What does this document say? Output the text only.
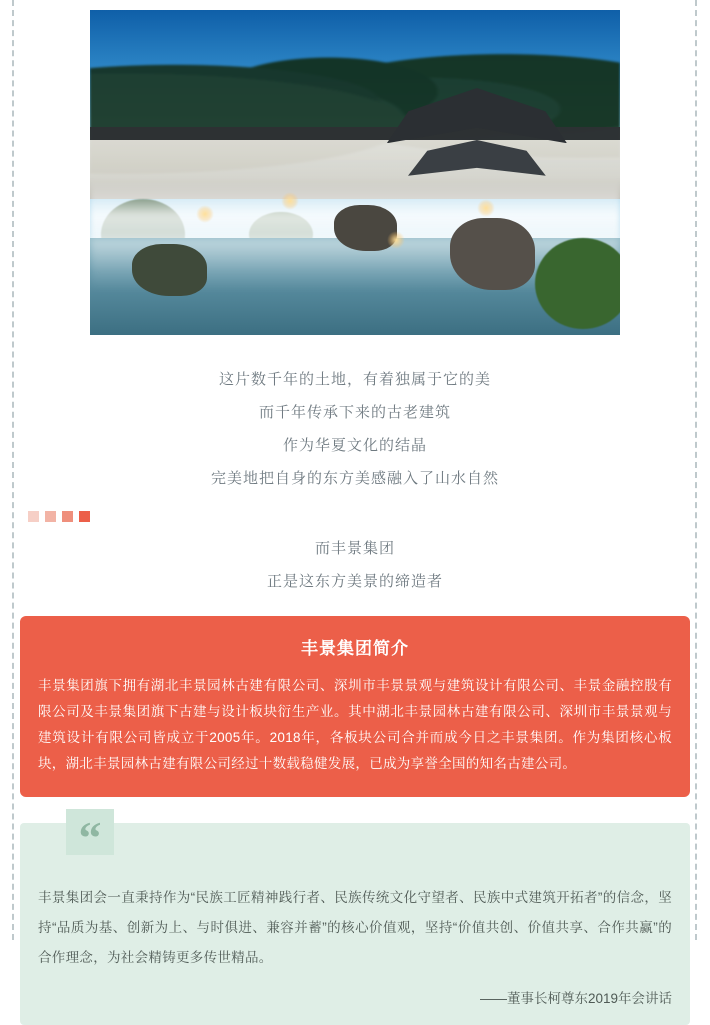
这片数千年的土地，有着独属于它的美
而千年传承下来的古老建筑
作为华夏文化的结晶
完美地把自身的东方美感融入了山水自然
而丰景集团
正是这东方美景的缔造者
丰景集团简介
丰景集团旗下拥有湖北丰景园林古建有限公司、深圳市丰景景观与建筑设计有限公司、丰景金融控股有限公司及丰景集团旗下古建与设计板块衍生产业。其中湖北丰景园林古建有限公司、深圳市丰景景观与建筑设计有限公司皆成立于2005年。2018年，各板块公司合并而成今日之丰景集团。作为集团核心板块，湖北丰景园林古建有限公司经过十数载稳健发展，已成为享誉全国的知名古建公司。
“
丰景集团会一直秉持作为“民族工匠精神践行者、民族传统文化守望者、民族中式建筑开拓者”的信念，坚持“品质为基、创新为上、与时俱进、兼容并蓄”的核心价值观，坚持“价值共创、价值共享、合作共赢”的合作理念，为社会精铸更多传世精品。
——董事长柯尊东2019年会讲话
